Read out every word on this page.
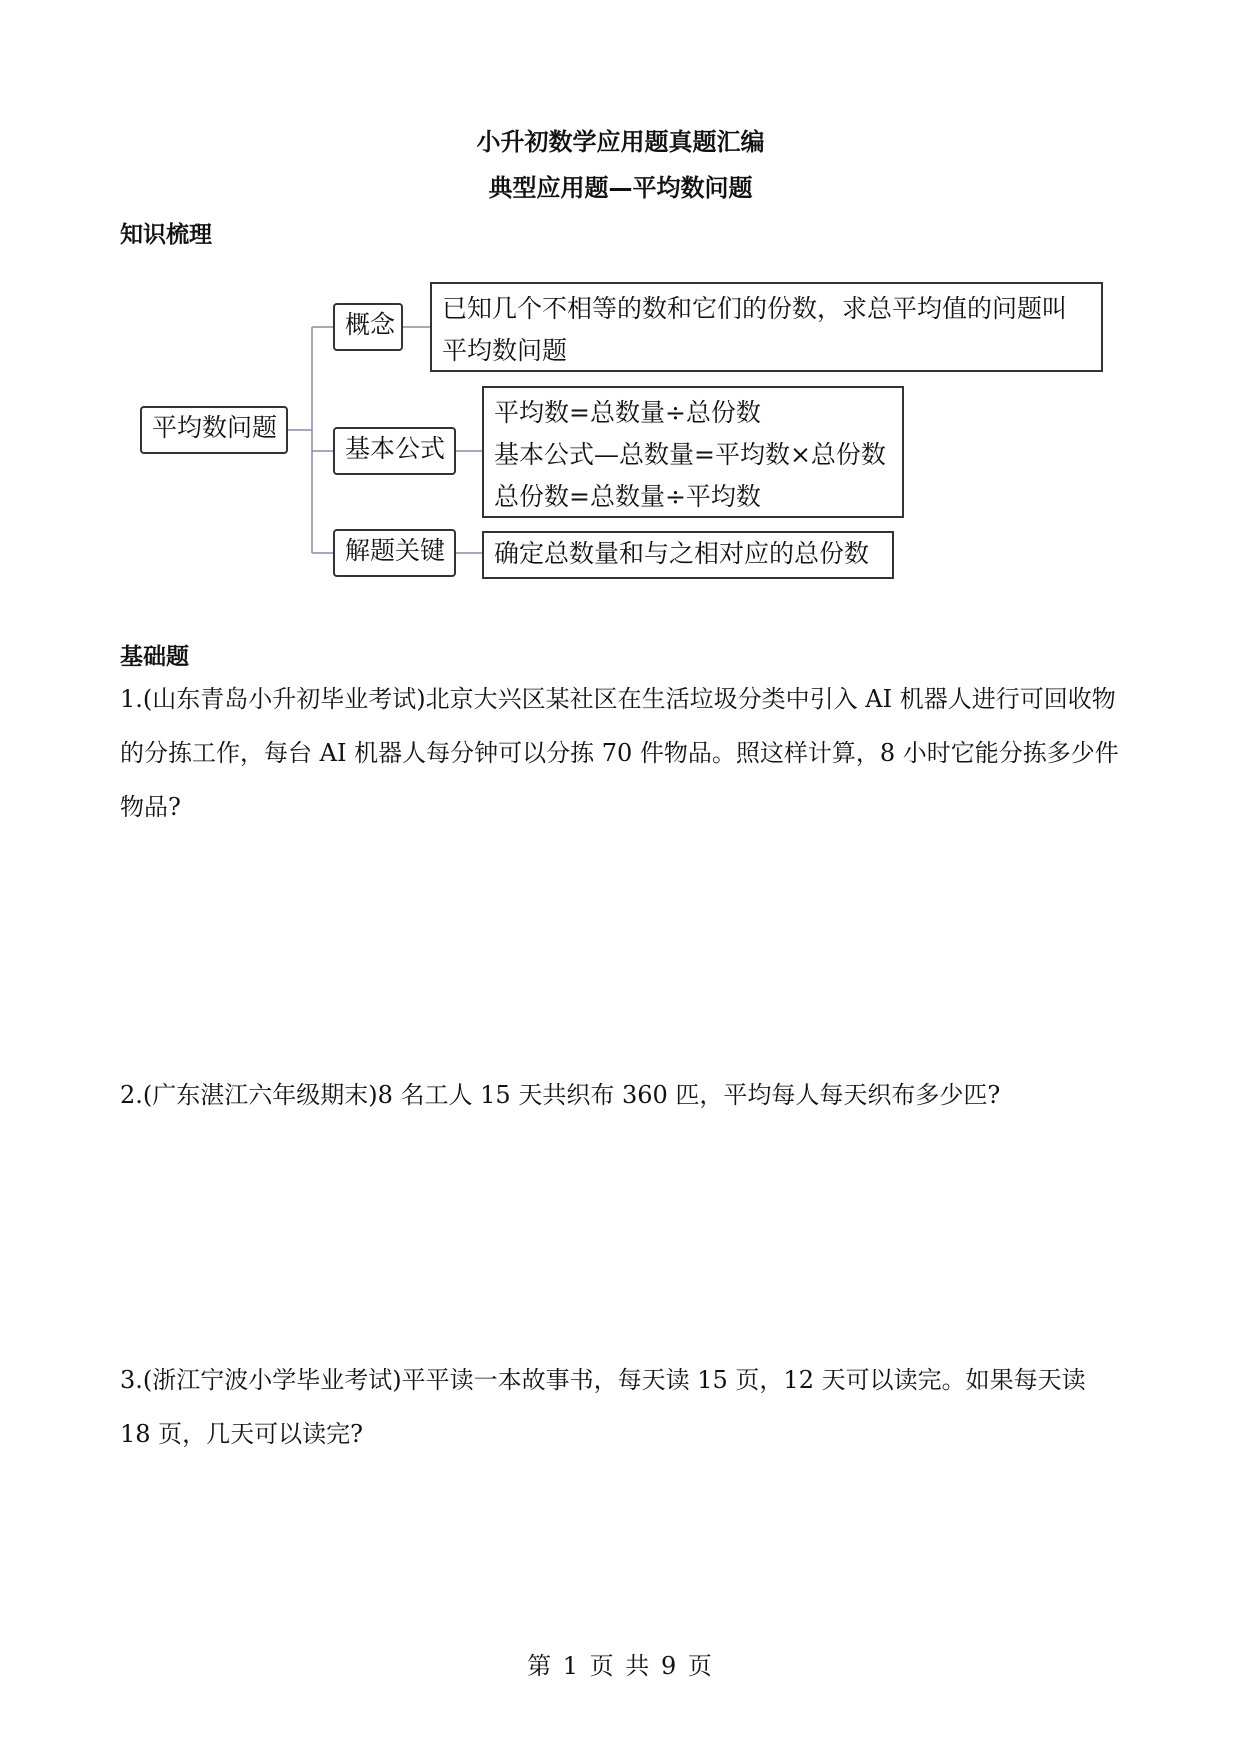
小升初数学应用题真题汇编
典型应用题—平均数问题
知识梳理
平均数问题
概念
已知几个不相等的数和它们的份数，求总平均值的问题叫
平均数问题
基本公式
平均数=总数量÷总份数
基本公式—总数量=平均数×总份数
总份数=总数量÷平均数
解题关键	确定总数量和与之相对应的总份数
基础题
1.(山东青岛小升初毕业考试)北京大兴区某社区在生活垃圾分类中引入 AI 机器人进行可回收物的分拣工作，每台 AI 机器人每分钟可以分拣 70 件物品。照这样计算，8 小时它能分拣多少件物品?
2.(广东湛江六年级期末)8 名工人 15 天共织布 360 匹，平均每人每天织布多少匹?
3.(浙江宁波小学毕业考试)平平读一本故事书，每天读 15 页，12 天可以读完。如果每天读 18 页，几天可以读完?
第 1 页 共 9 页
